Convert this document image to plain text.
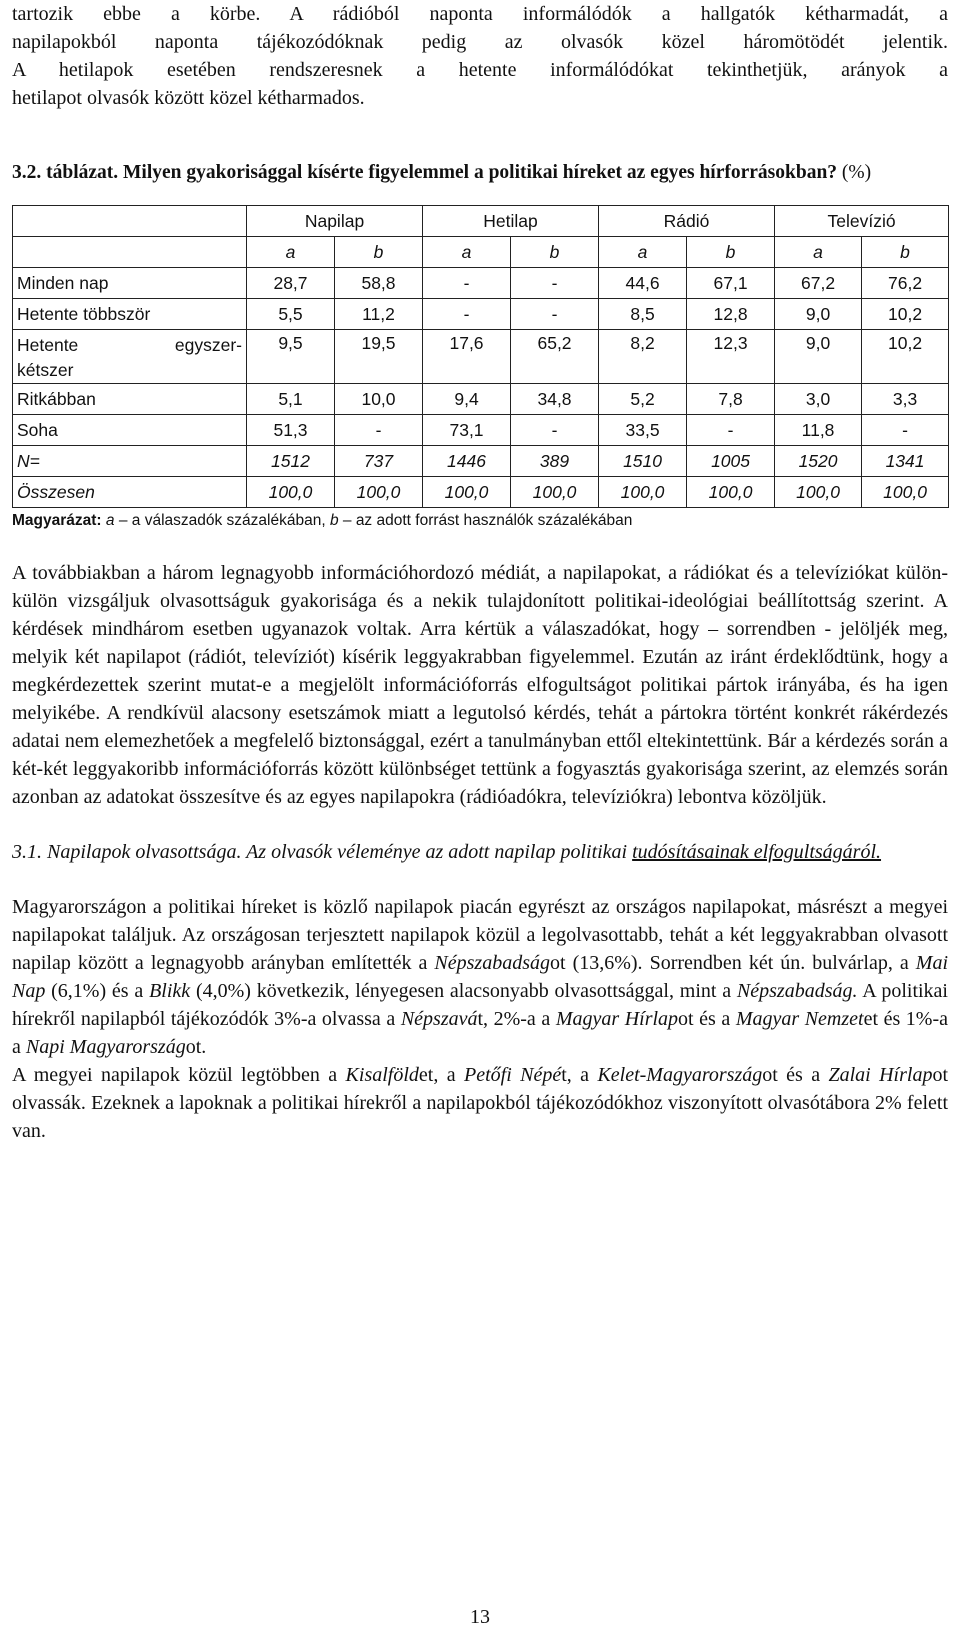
tartozik ebbe a körbe. A rádióból naponta informálódók a hallgatók kétharmadát, a
napilapokból naponta tájékozódóknak pedig az olvasók közel háromötödét jelentik.
A hetilapok esetében rendszeresnek a hetente informálódókat tekinthetjük, arányok a
hetilapot olvasók között közel kétharmados.

3.2. táblázat. Milyen gyakorisággal kísérte figyelemmel a politikai híreket az egyes hírforrásokban? (%)

	Napilap		Hetilap		Rádió		Televízió	
	a	b	a	b	a	b	a	b
Minden nap	28,7	58,8	-	-	44,6	67,1	67,2	76,2
Hetente többször	5,5	11,2	-	-	8,5	12,8	9,0	10,2

Hetente egyszer-
kétszer	9,5	19,5	17,6	65,2	8,2	12,3	9,0	10,2
Ritkábban	5,1	10,0	9,4	34,8	5,2	7,8	3,0	3,3
Soha	51,3	-	73,1	-	33,5	-	11,8	-
N=	1512	737	1446	389	1510	1005	1520	1341
Összesen	100,0	100,0	100,0	100,0	100,0	100,0	100,0	100,0

Magyarázat: a – a válaszadók százalékában, b – az adott forrást használók százalékában

A továbbiakban a három legnagyobb információhordozó médiát, a napilapokat, a rádiókat és a televíziókat külön-külön vizsgáljuk olvasottságuk gyakorisága és a nekik tulajdonított politikai-ideológiai beállítottság szerint. A kérdések mindhárom esetben ugyanazok voltak. Arra kértük a válaszadókat, hogy – sorrendben - jelöljék meg, melyik két napilapot (rádiót, televíziót) kísérik leggyakrabban figyelemmel. Ezután az iránt érdeklődtünk, hogy a megkérdezettek szerint mutat-e a megjelölt információforrás elfogultságot politikai pártok irányába, és ha igen melyikébe. A rendkívül alacsony esetszámok miatt a legutolsó kérdés, tehát a pártokra történt konkrét rákérdezés adatai nem elemezhetőek a megfelelő biztonsággal, ezért a tanulmányban ettől eltekintettünk. Bár a kérdezés során a két-két leggyakoribb információforrás között különbséget tettünk a fogyasztás gyakorisága szerint, az elemzés során azonban az adatokat összesítve és az egyes napilapokra (rádióadókra, televíziókra) lebontva közöljük.

3.1. Napilapok olvasottsága. Az olvasók véleménye az adott napilap politikai tudósításainak elfogultságáról.

Magyarországon a politikai híreket is közlő napilapok piacán egyrészt az országos napilapokat, másrészt a megyei napilapokat találjuk. Az országosan terjesztett napilapok közül a legolvasottabb, tehát a két leggyakrabban olvasott napilap között a legnagyobb arányban említették a Népszabadságot (13,6%). Sorrendben két ún. bulvárlap, a Mai Nap (6,1%) és a Blikk (4,0%) következik, lényegesen alacsonyabb olvasottsággal, mint a Népszabadság. A politikai hírekről napilapból tájékozódók 3%-a olvassa a Népszavát, 2%-a a Magyar Hírlapot és a Magyar Nemzetet és 1%-a a Napi Magyarországot.

A megyei napilapok közül legtöbben a Kisalföldet, a Petőfi Népét, a Kelet-Magyarországot és a Zalai Hírlapot olvassák. Ezeknek a lapoknak a politikai hírekről a napilapokból tájékozódókhoz viszonyított olvasótábora 2% felett van.

13
